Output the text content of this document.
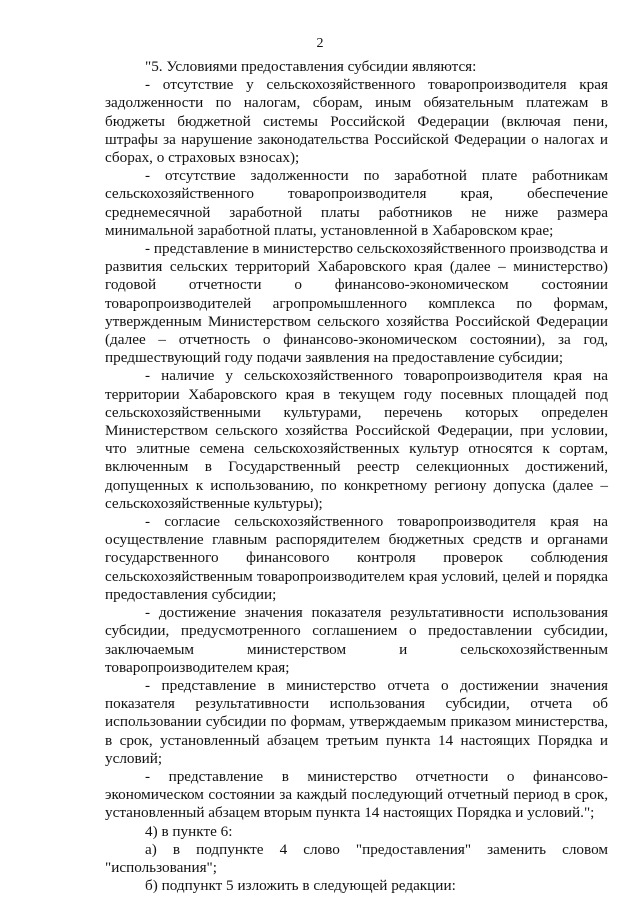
2

"5. Условиями предоставления субсидии являются:

- отсутствие у сельскохозяйственного товаропроизводителя края задолженности по налогам, сборам, иным обязательным платежам в бюджеты бюджетной системы Российской Федерации (включая пени, штрафы за нарушение законодательства Российской Федерации о налогах и сборах, о страховых взносах);

- отсутствие задолженности по заработной плате работникам сельскохозяйственного товаропроизводителя края, обеспечение среднемесячной заработной платы работников не ниже размера минимальной заработной платы, установленной в Хабаровском крае;

- представление в министерство сельскохозяйственного производства и развития сельских территорий Хабаровского края (далее – министерство) годовой отчетности о финансово-экономическом состоянии товаропроизводителей агропромышленного комплекса по формам, утвержденным Министерством сельского хозяйства Российской Федерации (далее – отчетность о финансово-экономическом состоянии), за год, предшествующий году подачи заявления на предоставление субсидии;

- наличие у сельскохозяйственного товаропроизводителя края на территории Хабаровского края в текущем году посевных площадей под сельскохозяйственными культурами, перечень которых определен Министерством сельского хозяйства Российской Федерации, при условии, что элитные семена сельскохозяйственных культур относятся к сортам, включенным в Государственный реестр селекционных достижений, допущенных к использованию, по конкретному региону допуска (далее – сельскохозяйственные культуры);

- согласие сельскохозяйственного товаропроизводителя края на осуществление главным распорядителем бюджетных средств и органами государственного финансового контроля проверок соблюдения сельскохозяйственным товаропроизводителем края условий, целей и порядка предоставления субсидии;

- достижение значения показателя результативности использования субсидии, предусмотренного соглашением о предоставлении субсидии, заключаемым министерством и сельскохозяйственным товаропроизводителем края;

- представление в министерство отчета о достижении значения показателя результативности использования субсидии, отчета об использовании субсидии по формам, утверждаемым приказом министерства, в срок, установленный абзацем третьим пункта 14 настоящих Порядка и условий;

- представление в министерство отчетности о финансово-экономическом состоянии за каждый последующий отчетный период в срок, установленный абзацем вторым пункта 14 настоящих Порядка и условий.";

4) в пункте 6:

а) в подпункте 4 слово "предоставления" заменить словом "использования";

б) подпункт 5 изложить в следующей редакции:
